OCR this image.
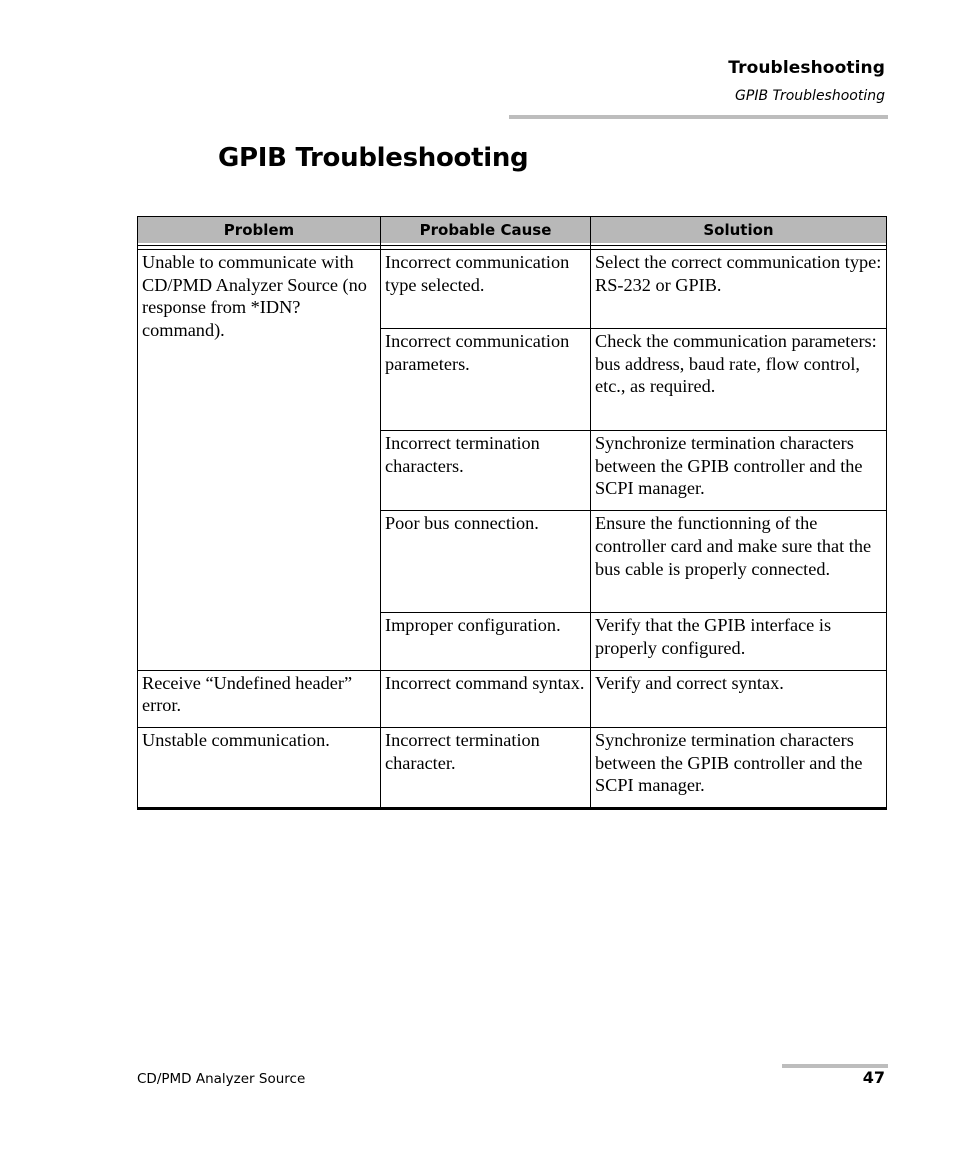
Troubleshooting
GPIB Troubleshooting
GPIB Troubleshooting
Problem	Probable Cause	Solution

Unable to communicate with CD/PMD Analyzer Source (no response from *IDN? command).	Incorrect communication type selected.	Select the correct communication type: RS-232 or GPIB.
	Incorrect communication parameters.	Check the communication parameters: bus address, baud rate, flow control, etc., as required.
	Incorrect termination characters.	Synchronize termination characters between the GPIB controller and the SCPI manager.
	Poor bus connection.	Ensure the functionning of the controller card and make sure that the bus cable is properly connected.
	Improper configuration.	Verify that the GPIB interface is properly configured.
Receive “Undefined header” error.	Incorrect command syntax.	Verify and correct syntax.
Unstable communication.	Incorrect termination character.	Synchronize termination characters between the GPIB controller and the SCPI manager.
CD/PMD Analyzer Source	47
